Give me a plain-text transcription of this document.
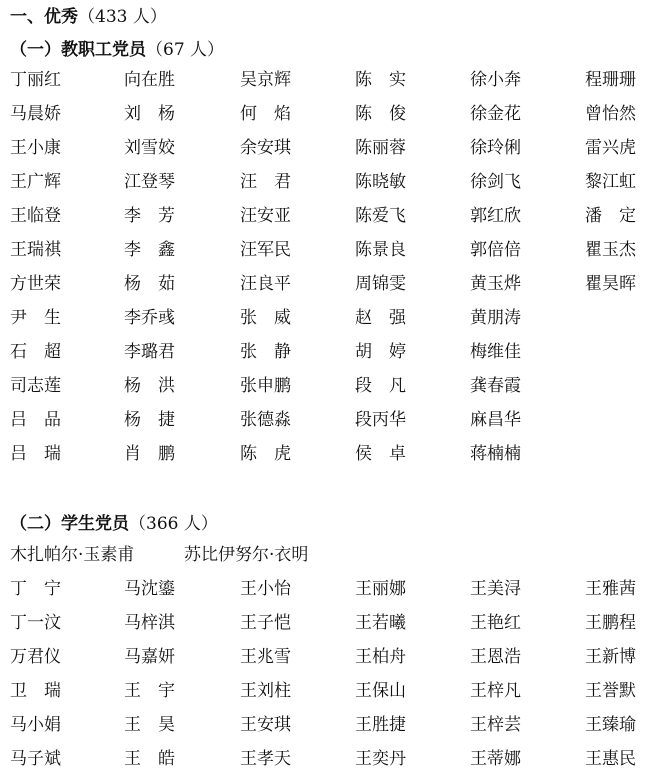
一、优秀（433 人）
（一）教职工党员（67 人）
丁丽红	向在胜	吴京辉	陈　实	徐小奔	程珊珊
马晨娇	刘　杨	何　焰	陈　俊	徐金花	曾怡然
王小康	刘雪姣	余安琪	陈丽蓉	徐玲俐	雷兴虎
王广辉	江登琴	汪　君	陈晓敏	徐剑飞	黎江虹
王临登	李　芳	汪安亚	陈爱飞	郭红欣	潘　定
王瑞祺	李　鑫	汪军民	陈景良	郭倍倍	瞿玉杰
方世荣	杨　茹	汪良平	周锦雯	黄玉烨	瞿昊晖
尹　生	李乔彧	张　威	赵　强	黄朋涛
石　超	李璐君	张　静	胡　婷	梅维佳
司志莲	杨　洪	张申鹏	段　凡	龚春霞
吕　品	杨　捷	张德淼	段丙华	麻昌华
吕　瑞	肖　鹏	陈　虎	侯　卓	蒋楠楠
（二）学生党员（366 人）
木扎帕尔·玉素甫	苏比伊努尔·衣明
丁　宁	马沈鎏	王小怡	王丽娜	王美浔	王雅茜
丁一汶	马梓淇	王子恺	王若曦	王艳红	王鹏程
万君仪	马嘉妍	王兆雪	王柏舟	王恩浩	王新博
卫　瑞	王　宇	王刘柱	王保山	王梓凡	王誉默
马小娟	王　昊	王安琪	王胜捷	王梓芸	王臻瑜
马子斌	王　皓	王孝天	王奕丹	王蒂娜	王惠民
